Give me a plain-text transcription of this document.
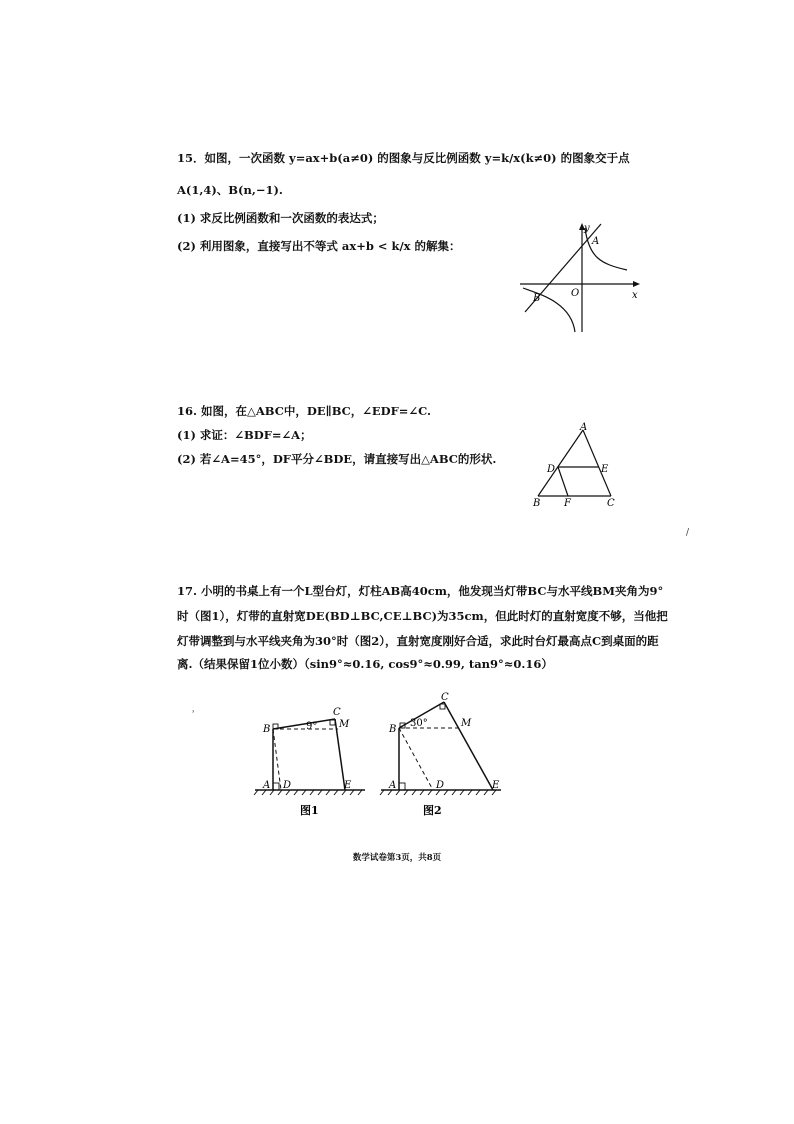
15．如图，一次函数 y=ax+b(a≠0) 的图象与反比例函数 y=k/x(k≠0) 的图象交于点
A(1,4)、B(n,−1).
(1) 求反比例函数和一次函数的表达式；
(2) 利用图象，直接写出不等式 ax+b < k/x 的解集：
y
x
A
B	O
16. 如图，在△ABC中，DE∥BC，∠EDF=∠C.
(1) 求证：∠BDF=∠A；
(2) 若∠A=45°，DF平分∠BDE，请直接写出△ABC的形状.
A
D	E
B F	C
/
17. 小明的书桌上有一个L型台灯，灯柱AB高40cm，他发现当灯带BC与水平线BM夹角为9°
时（图1），灯带的直射宽DE(BD⊥BC,CE⊥BC)为35cm，但此时灯的直射宽度不够，当他把
灯带调整到与水平线夹角为30°时（图2），直射宽度刚好合适，求此时台灯最高点C到桌面的距
离.（结果保留1位小数）（sin9°≈0.16, cos9°≈0.99, tan9°≈0.16）
B
C
M
9°
A D	E
图1
B
C
M
30°
A	D	E
图2
˒
数学试卷第3页，共8页
